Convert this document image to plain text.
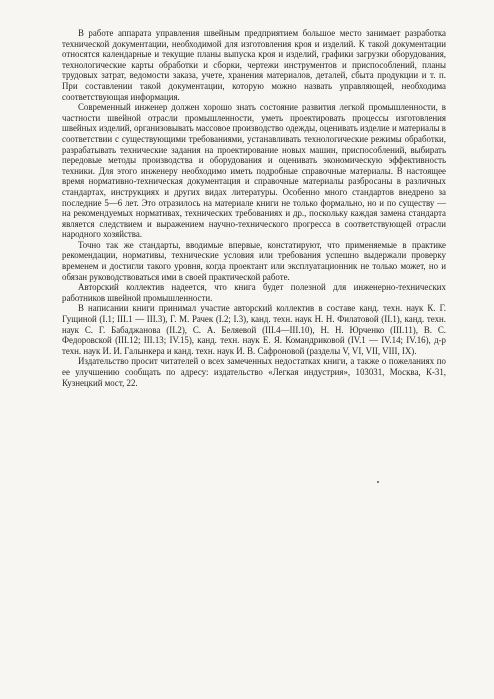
В работе аппарата управления швейным предприятием большое место занимает разработка технической документации, необходимой для изготовления кроя и изделий. К такой документации относятся календарные и текущие планы выпуска кроя и изделий, графики загрузки оборудования, технологические карты обработки и сборки, чертежи инструментов и приспособлений, планы трудовых затрат, ведомости заказа, учете, хранения материалов, деталей, сбыта продукции и т. п. При составлении такой документации, которую можно назвать управляющей, необходима соответствующая информация.

Современный инженер должен хорошо знать состояние развития легкой промышленности, в частности швейной отрасли промышленности, уметь проектировать процессы изготовления швейных изделий, организовывать массовое производство одежды, оценивать изделие и материалы в соответствии с существующими требованиями, устанавливать технологические режимы обработки, разрабатывать технические задания на проектирование новых машин, приспособлений, выбирать передовые методы производства и оборудования и оценивать экономическую эффективность техники. Для этого инженеру необходимо иметь подробные справочные материалы. В настоящее время нормативно-техническая документация и справочные материалы разбросаны в различных стандартах, инструкциях и других видах литературы. Особенно много стандартов внедрено за последние 5—6 лет. Это отразилось на материале книги не только формально, но и по существу — на рекомендуемых нормативах, технических требованиях и др., поскольку каждая замена стандарта является следствием и выражением научно-технического прогресса в соответствующей отрасли народного хозяйства.

Точно так же стандарты, вводимые впервые, констатируют, что применяемые в практике рекомендации, нормативы, технические условия или требования успешно выдержали проверку временем и достигли такого уровня, когда проектант или эксплуатационник не только может, но и обязан руководствоваться ими в своей практической работе.

Авторский коллектив надеется, что книга будет полезной для инженерно-технических работников швейной промышленности.

В написании книги принимал участие авторский коллектив в составе канд. техн. наук К. Г. Гущиной (I.1; III.1 — III.3), Г. М. Рачек (I.2; I.3), канд. техн. наук Н. Н. Филатовой (II.1), канд. техн. наук С. Г. Бабаджанова (II.2), С. А. Беляевой (III.4—III.10), Н. Н. Юрченко (III.11), В. С. Федоровской (III.12; III.13; IV.15), канд. техн. наук Е. Я. Командриковой (IV.1 — IV.14; IV.16), д-р техн. наук И. И. Галынкера и канд. техн. наук И. В. Сафроновой (разделы V, VI, VII, VIII, IX).

Издательство просит читателей о всех замеченных недостатках книги, а также о пожеланиях по ее улучшению сообщать по адресу: издательство «Легкая индустрия», 103031, Москва, К-31, Кузнецкий мост, 22.
